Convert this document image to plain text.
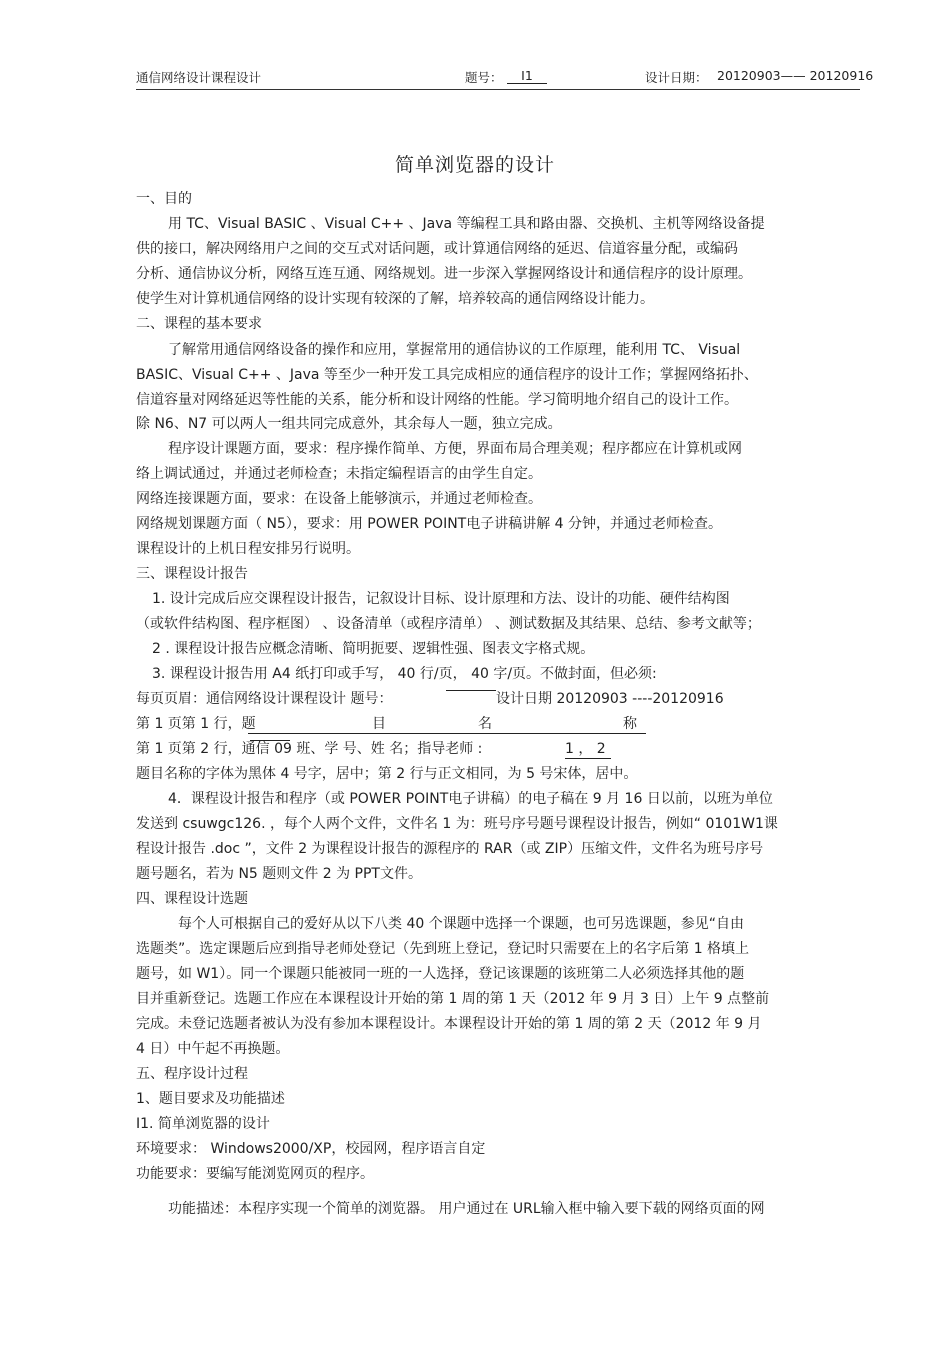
通信网络设计课程设计	题号：	I1	设计日期： 20120903—— 20120916
简单浏览器的设计
一、目的
用 TC、Visual BASIC 、Visual C++ 、Java 等编程工具和路由器、交换机、主机等网络设备提
供的接口，解决网络用户之间的交互式对话问题，或计算通信网络的延迟、信道容量分配，或编码
分析、通信协议分析，网络互连互通、网络规划。进一步深入掌握网络设计和通信程序的设计原理。
使学生对计算机通信网络的设计实现有较深的了解，培养较高的通信网络设计能力。
二、课程的基本要求
了解常用通信网络设备的操作和应用，掌握常用的通信协议的工作原理，能利用 TC、 Visual
BASIC、Visual C++ 、Java 等至少一种开发工具完成相应的通信程序的设计工作；掌握网络拓扑、
信道容量对网络延迟等性能的关系，能分析和设计网络的性能。学习简明地介绍自己的设计工作。
除 N6、N7 可以两人一组共同完成意外，其余每人一题，独立完成。
程序设计课题方面，要求：程序操作简单、方便，界面布局合理美观；程序都应在计算机或网
络上调试通过，并通过老师检查；未指定编程语言的由学生自定。
网络连接课题方面，要求：在设备上能够演示，并通过老师检查。
网络规划课题方面（ N5），要求：用 POWER POINT电子讲稿讲解 4 分钟，并通过老师检查。
课程设计的上机日程安排另行说明。
三、课程设计报告
1. 设计完成后应交课程设计报告，记叙设计目标、设计原理和方法、设计的功能、硬件结构图
（或软件结构图、程序框图） 、设备清单（或程序清单） 、测试数据及其结果、总结、参考文献等；
2 . 课程设计报告应概念清晰、简明扼要、逻辑性强、图表文字格式规。
3. 课程设计报告用 A4 纸打印或手写， 40 行/页， 40 字/页。不做封面，但必须:
每页页眉：通信网络设计课程设计 题号：	设计日期 20120903 ----20120916
第 1 页第 1 行，题	目	名	称
第 1 页第 2 行，通信 09 班、学 号、姓 名；指导老师 :	1 ， 2
题目名称的字体为黑体 4 号字，居中；第 2 行与正文相同，为 5 号宋体，居中。
4．课程设计报告和程序（或 POWER POINT电子讲稿）的电子稿在 9 月 16 日以前，以班为单位
发送到 csuwgc126. ，每个人两个文件，文件名 1 为：班号序号题号课程设计报告，例如“ 0101W1课
程设计报告 .doc ”，文件 2 为课程设计报告的源程序的 RAR（或 ZIP）压缩文件，文件名为班号序号
题号题名，若为 N5 题则文件 2 为 PPT文件。
四、课程设计选题
每个人可根据自己的爱好从以下八类 40 个课题中选择一个课题，也可另选课题，参见“自由
选题类”。选定课题后应到指导老师处登记（先到班上登记，登记时只需要在上的名字后第 1 格填上
题号，如 W1）。同一个课题只能被同一班的一人选择，登记该课题的该班第二人必须选择其他的题
目并重新登记。选题工作应在本课程设计开始的第 1 周的第 1 天（2012 年 9 月 3 日）上午 9 点整前
完成。未登记选题者被认为没有参加本课程设计。本课程设计开始的第 1 周的第 2 天（2012 年 9 月
4 日）中午起不再换题。
五、程序设计过程
1、题目要求及功能描述
I1. 简单浏览器的设计
环境要求： Windows2000/XP，校园网，程序语言自定
功能要求：要编写能浏览网页的程序。
功能描述：本程序实现一个简单的浏览器。 用户通过在 URL输入框中输入要下载的网络页面的网
